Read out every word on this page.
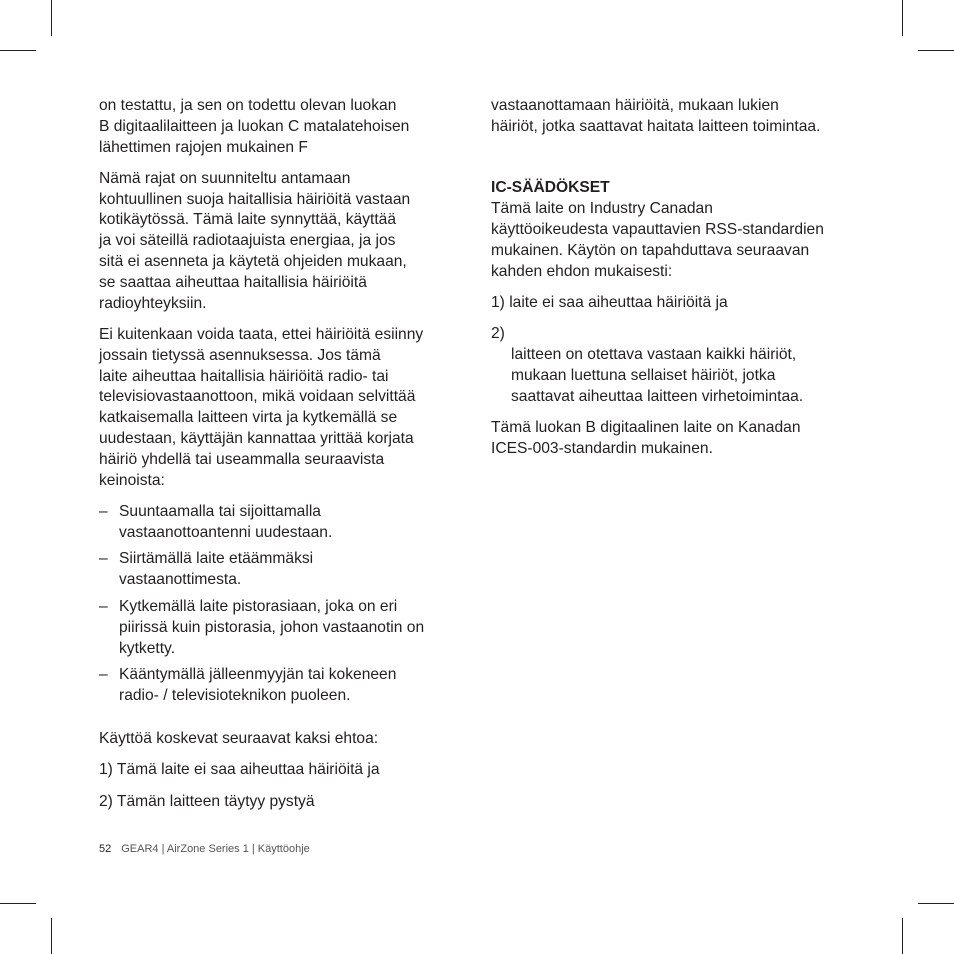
on testattu, ja sen on todettu olevan luokan
B digitaalilaitteen ja luokan C matalatehoisen
lähettimen rajojen mukainen F

Nämä rajat on suunniteltu antamaan
kohtuullinen suoja haitallisia häiriöitä vastaan
kotikäytössä. Tämä laite synnyttää, käyttää
ja voi säteillä radiotaajuista energiaa, ja jos
sitä ei asenneta ja käytetä ohjeiden mukaan,
se saattaa aiheuttaa haitallisia häiriöitä
radioyhteyksiin.

Ei kuitenkaan voida taata, ettei häiriöitä esiinny
jossain tietyssä asennuksessa. Jos tämä
laite aiheuttaa haitallisia häiriöitä radio- tai
televisiovastaanottoon, mikä voidaan selvittää
katkaisemalla laitteen virta ja kytkemällä se
uudestaan, käyttäjän kannattaa yrittää korjata
häiriö yhdellä tai useammalla seuraavista
keinoista:

– Suuntaamalla tai sijoittamalla
vastaanottoantenni uudestaan.
– Siirtämällä laite etäämmäksi
vastaanottimesta.
– Kytkemällä laite pistorasiaan, joka on eri
piirissä kuin pistorasia, johon vastaanotin on
kytketty.
– Kääntymällä jälleenmyyjän tai kokeneen
radio- / televisioteknikon puoleen.

Käyttöä koskevat seuraavat kaksi ehtoa:

1) Tämä laite ei saa aiheuttaa häiriöitä ja

2) Tämän laitteen täytyy pystyä

vastaanottamaan häiriöitä, mukaan lukien
häiriöt, jotka saattavat haitata laitteen toimintaa.

IC-SÄÄDÖKSET
Tämä laite on Industry Canadan
käyttöoikeudesta vapauttavien RSS-standardien
mukainen. Käytön on tapahduttava seuraavan
kahden ehdon mukaisesti:

1) laite ei saa aiheuttaa häiriöitä ja

2)
laitteen on otettava vastaan kaikki häiriöt,
mukaan luettuna sellaiset häiriöt, jotka
saattavat aiheuttaa laitteen virhetoimintaa.

Tämä luokan B digitaalinen laite on Kanadan
ICES-003-standardin mukainen.

52 GEAR4 | AirZone Series 1 | Käyttöohje
